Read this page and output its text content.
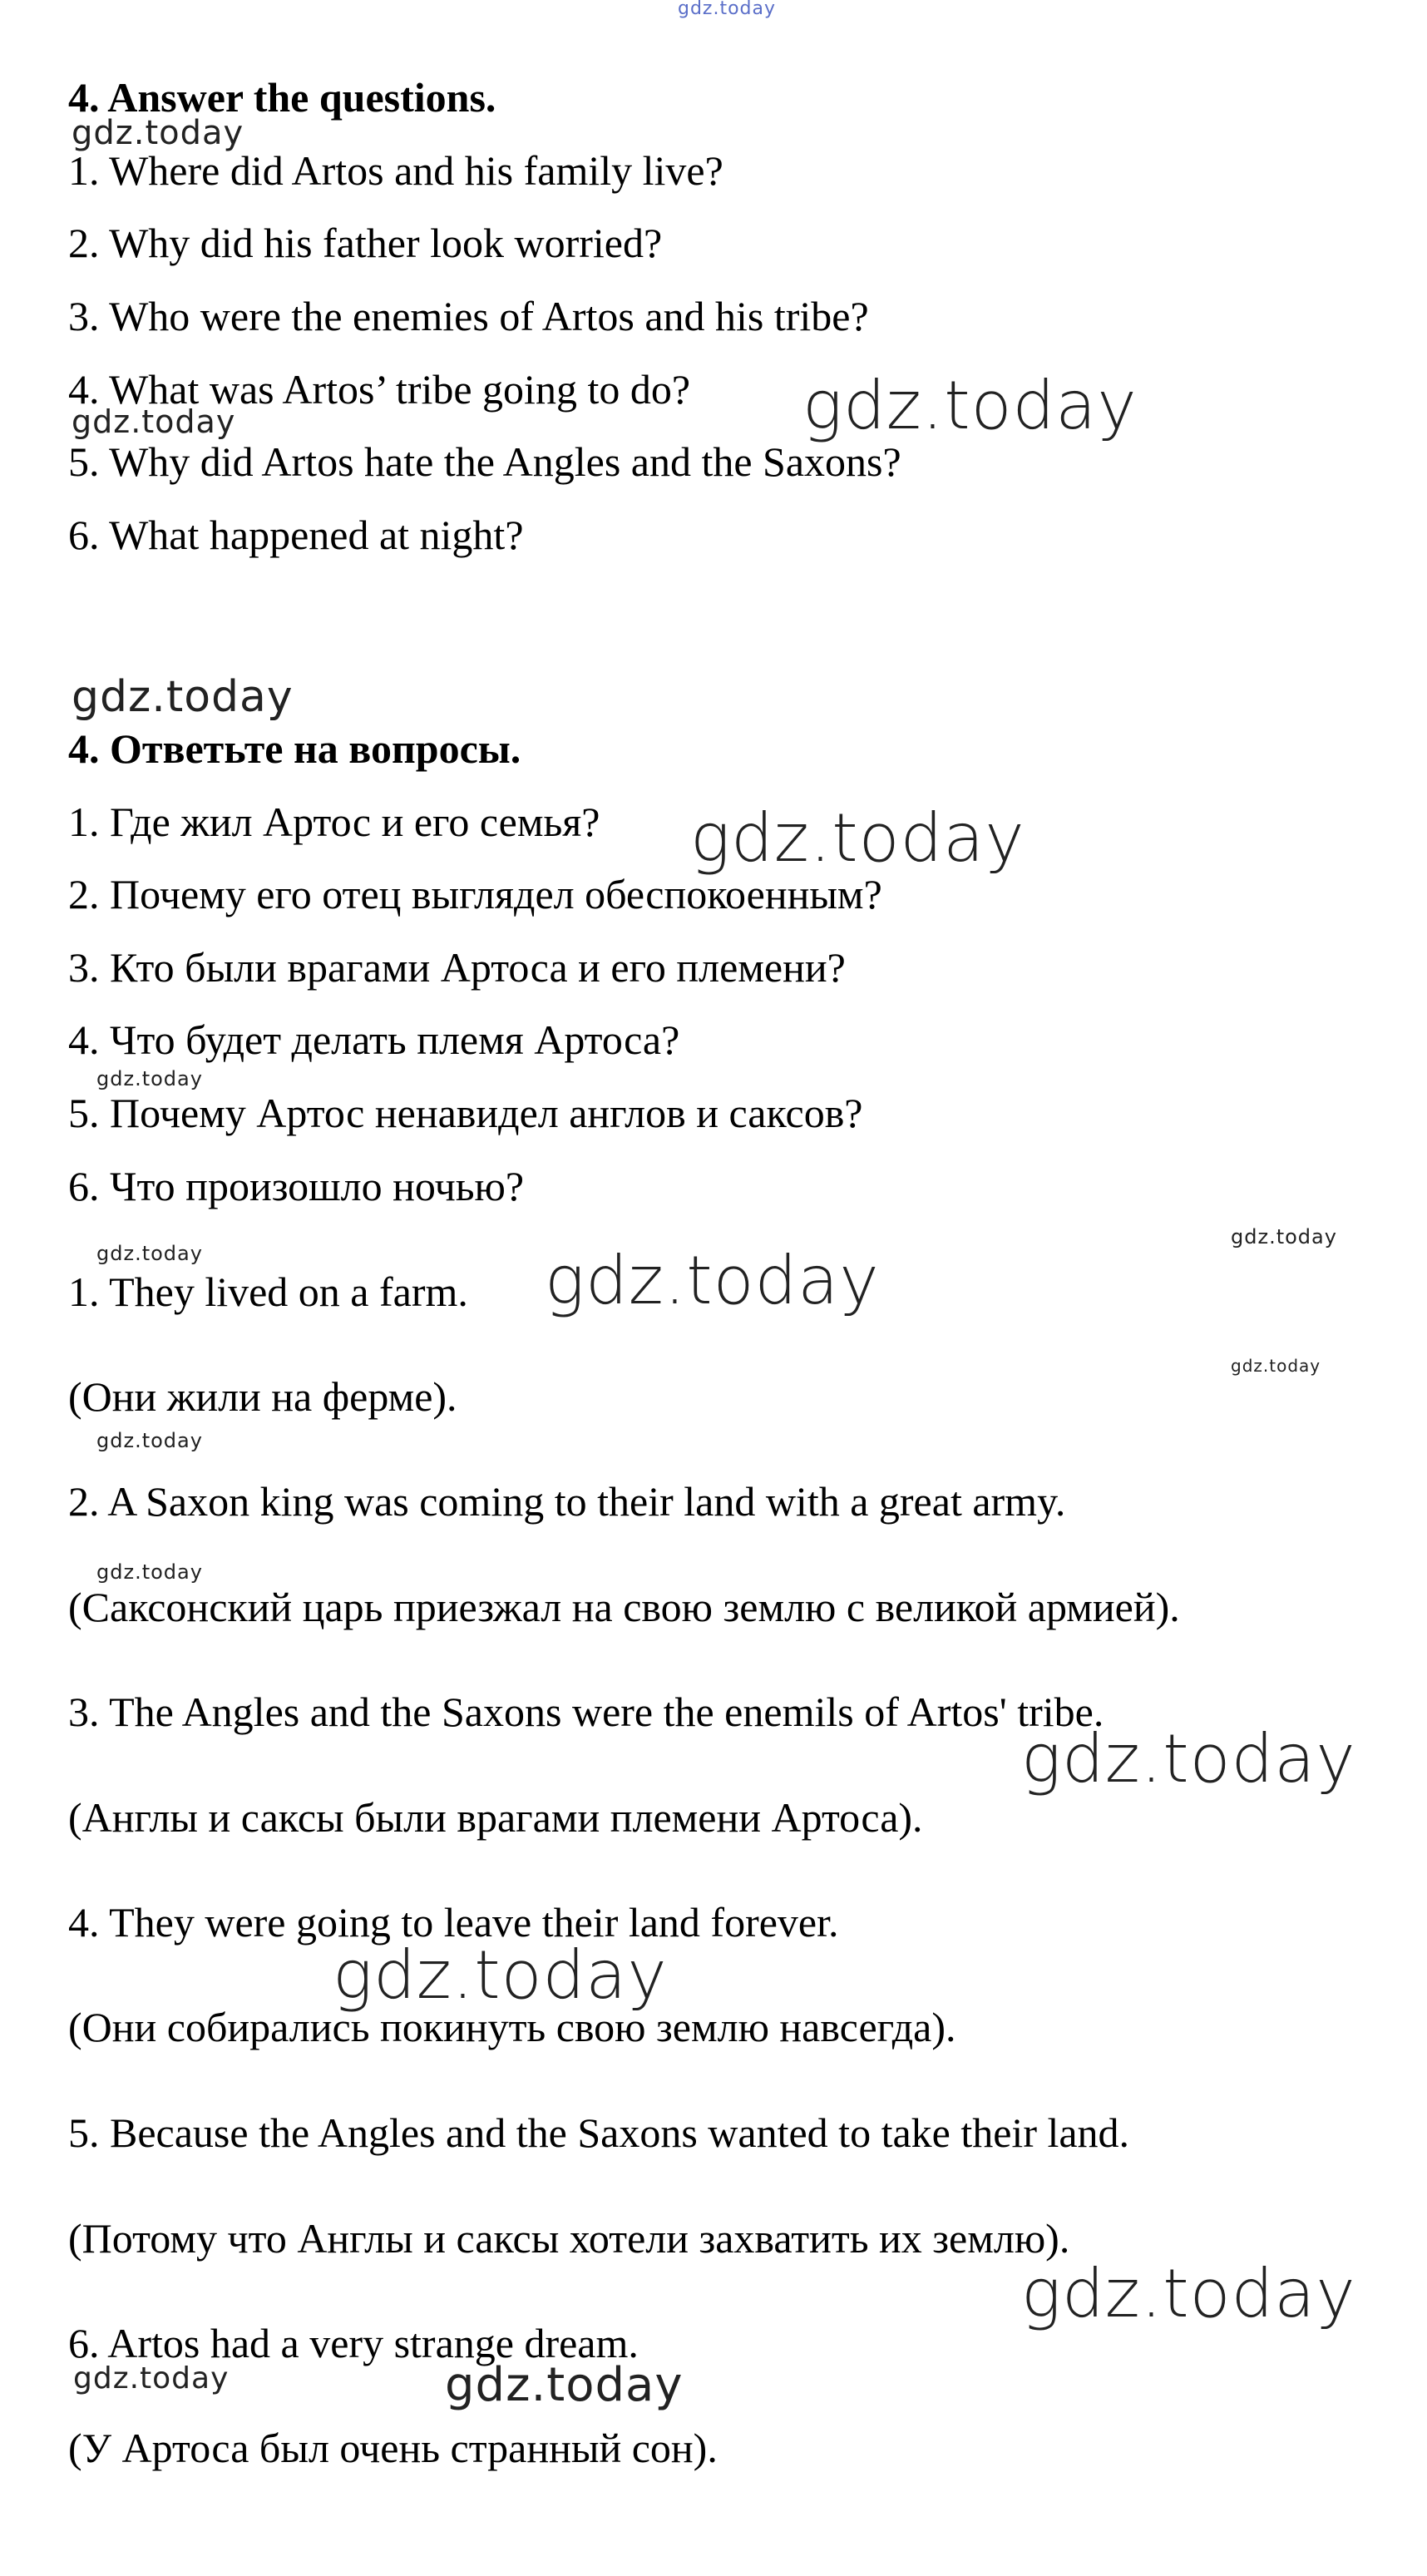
4. Answer the questions.
1. Where did Artos and his family live?
2. Why did his father look worried?
3. Who were the enemies of Artos and his tribe?
4. What was Artos’ tribe going to do?
5. Why did Artos hate the Angles and the Saxons?
6. What happened at night?
4. Ответьте на вопросы.
1. Где жил Артос и его семья?
2. Почему его отец выглядел обеспокоенным?
3. Кто были врагами Артоса и его племени?
4. Что будет делать племя Артоса?
5. Почему Артос ненавидел англов и саксов?
6. Что произошло ночью?
1. They lived on a farm.
(Они жили на ферме).
2. A Saxon king was coming to their land with a great army.
(Саксонский царь приезжал на свою землю с великой армией).
3. The Angles and the Saxons were the enemils of Artos' tribe.
(Англы и саксы были врагами племени Артоса).
4. They were going to leave their land forever.
(Они собирались покинуть свою землю навсегда).
5. Because the Angles and the Saxons wanted to take their land.
(Потому что Англы и саксы хотели захватить их землю).
6. Artos had a very strange dream.
(У Артоса был очень странный сон).
gdz.today
gdz.today
gdz.today
gdz.today
gdz.today
gdz.today
gdz.today
gdz.today
gdz.today	gdz.today
gdz.today
gdz.today
gdz.today
gdz.today
gdz.today
gdz.today
gdz.today	gdz.today
